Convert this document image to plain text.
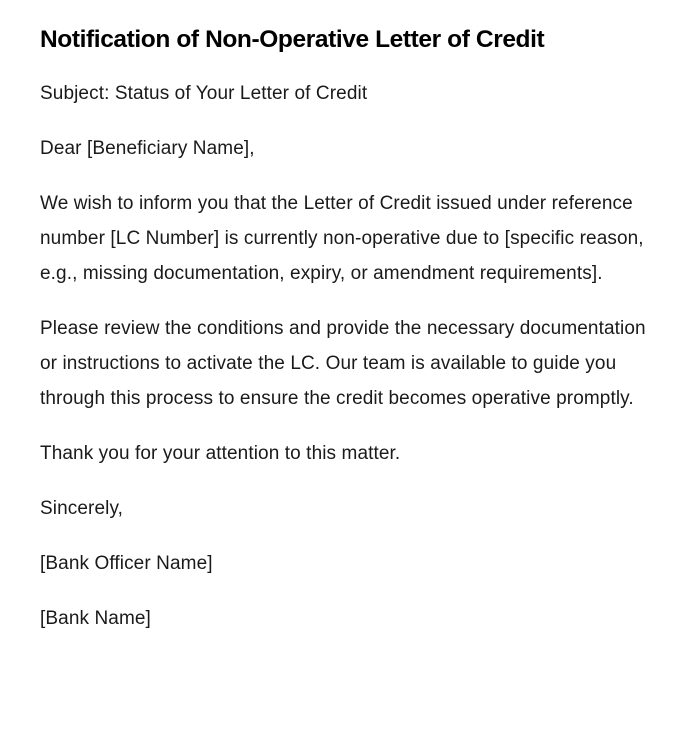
Notification of Non-Operative Letter of Credit

Subject: Status of Your Letter of Credit

Dear [Beneficiary Name],

We wish to inform you that the Letter of Credit issued under reference number [LC Number] is currently non-operative due to [specific reason, e.g., missing documentation, expiry, or amendment requirements].

Please review the conditions and provide the necessary documentation or instructions to activate the LC. Our team is available to guide you through this process to ensure the credit becomes operative promptly.

Thank you for your attention to this matter.

Sincerely,

[Bank Officer Name]

[Bank Name]
